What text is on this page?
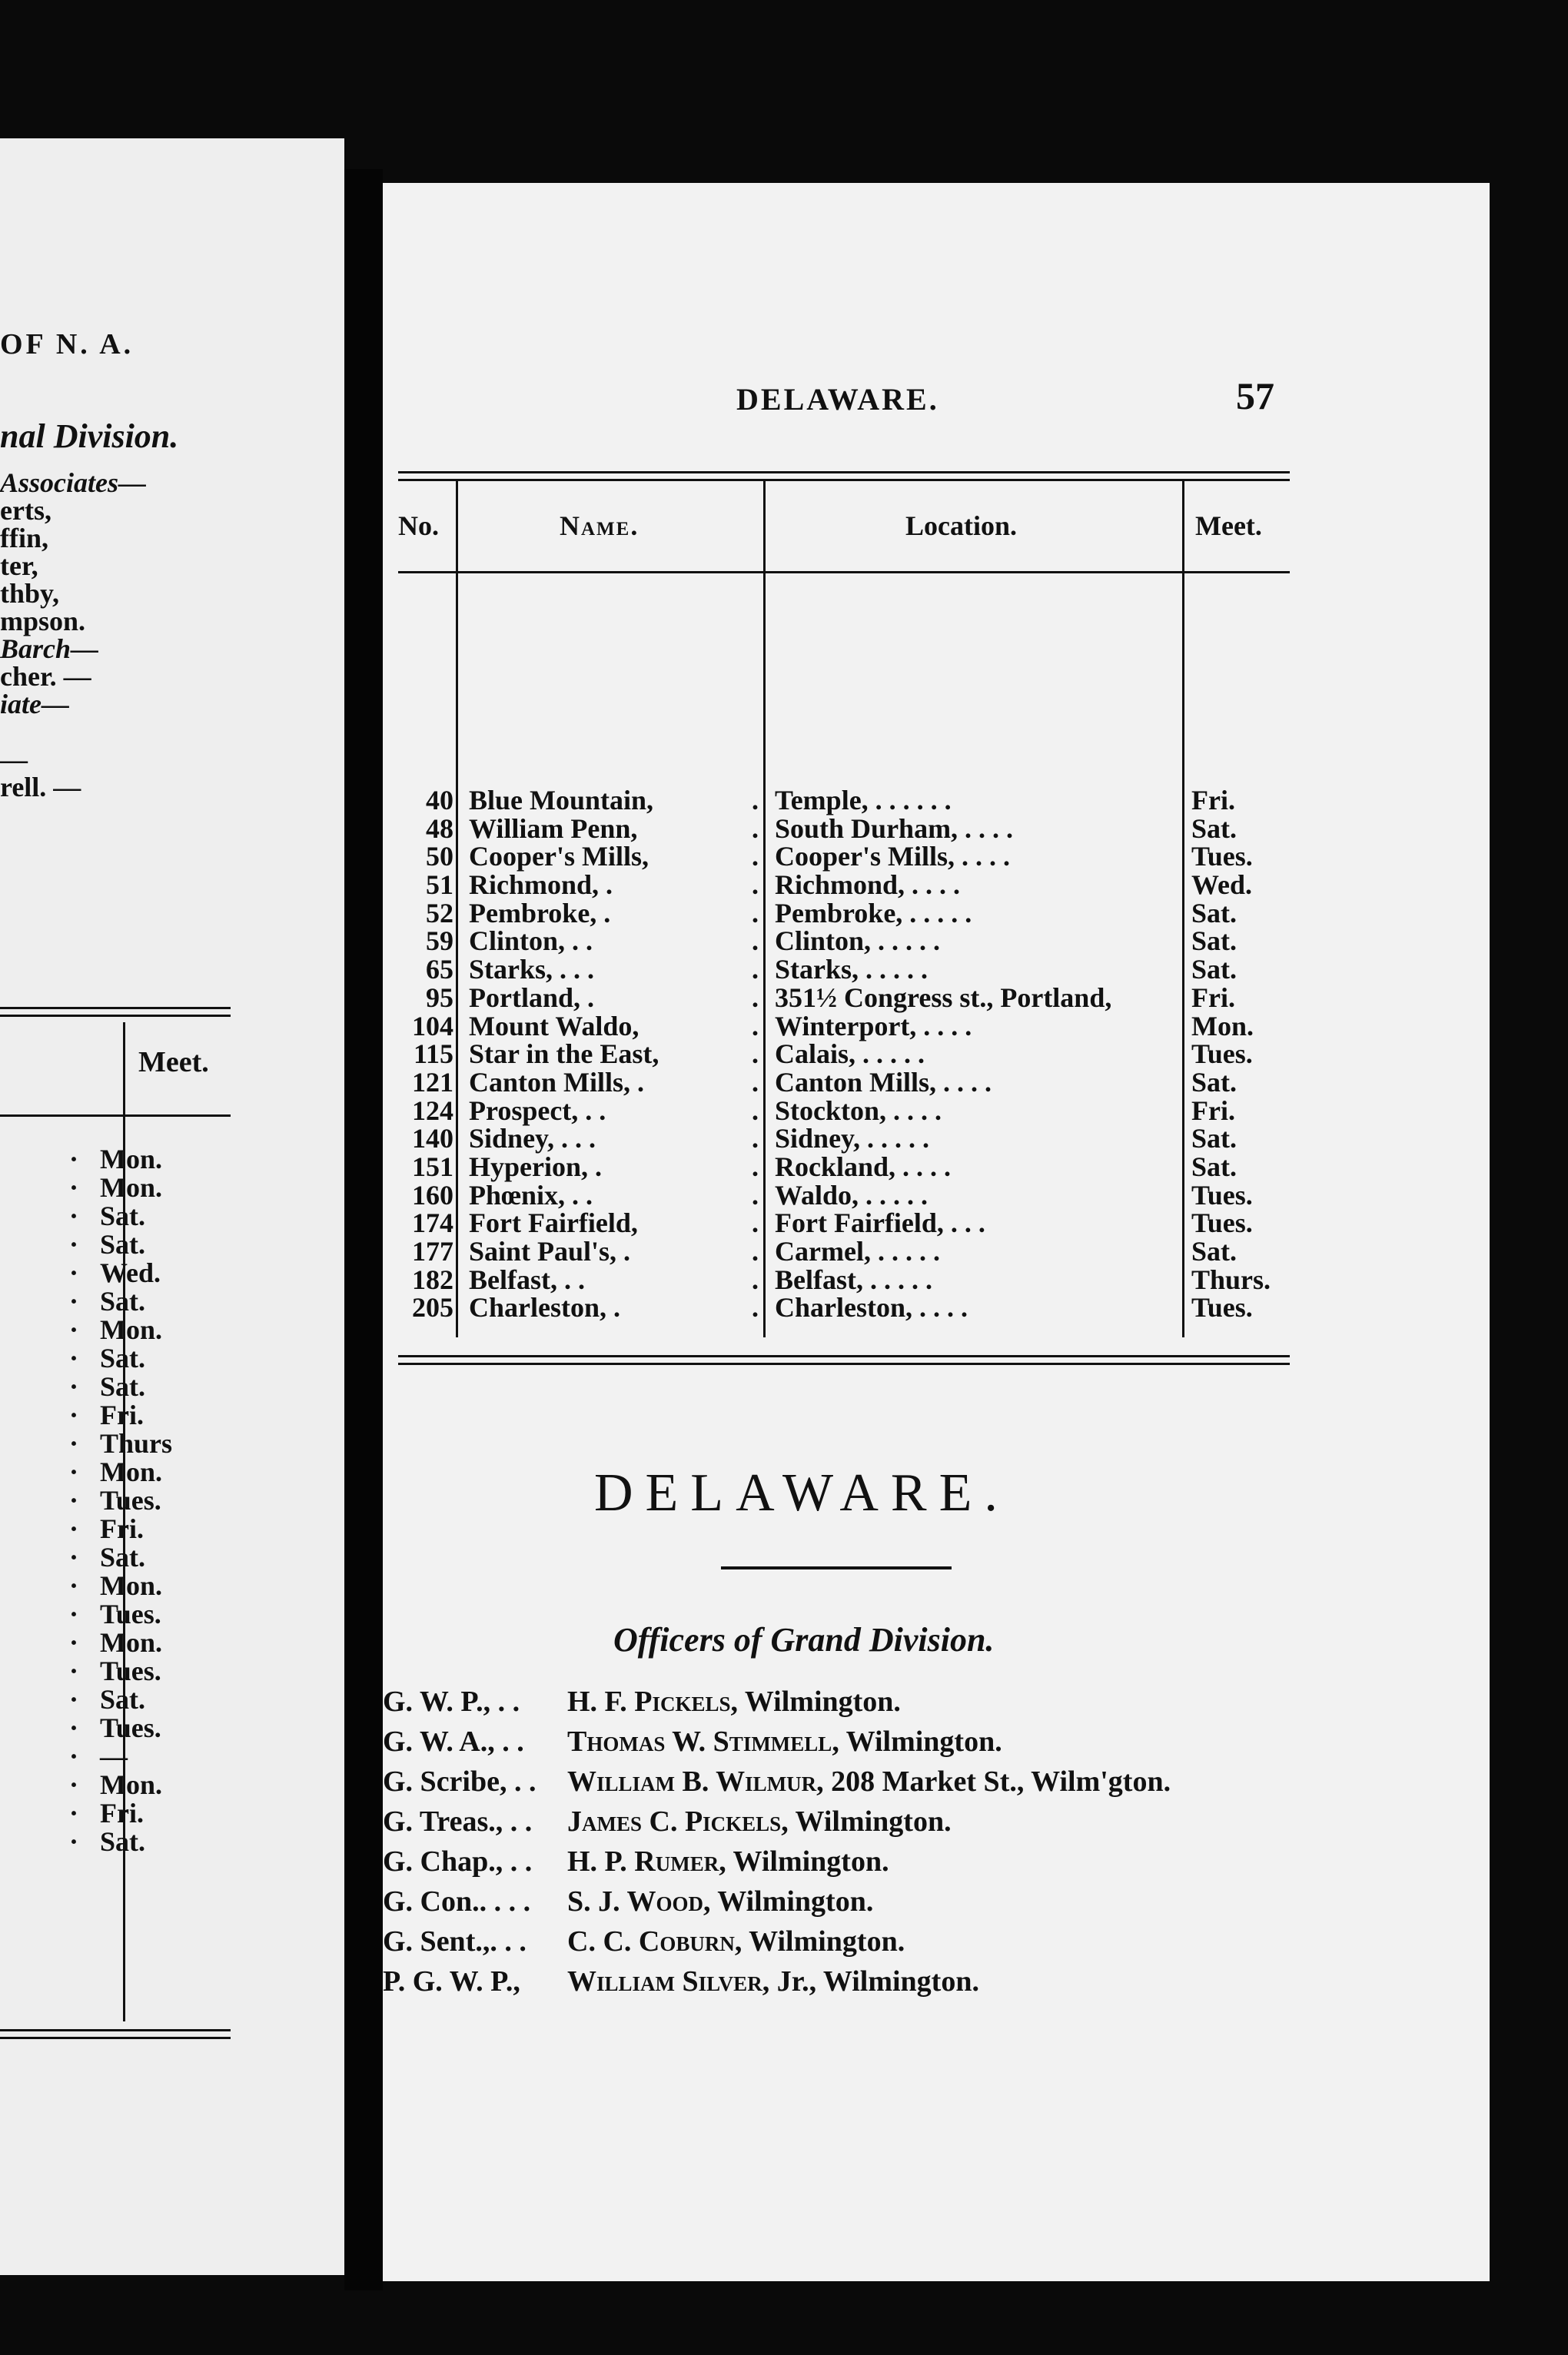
OF N. A.
nal Division.
Associates—
erts,
ffin,
ter,
thby,
mpson.
Barch—
cher. —
iate—
—
rell. —
Meet.
· Mon.
· Mon.
· Sat.
· Sat.
· Wed.
· Sat.
· Mon.
· Sat.
· Sat.
· Fri.
· Thurs
· Mon.
· Tues.
· Fri.
· Sat.
· Mon.
· Tues.
· Mon.
· Tues.
· Sat.
· Tues.
· —
· Mon.
· Fri.
· Sat.
DELAWARE.	57
No.	Name.	Location.	Meet.
40 Blue Mountain,	. Temple, . . . . . .	Fri.
48 William Penn,	. South Durham, . . . .	Sat.
50 Cooper's Mills,	. Cooper's Mills, . . . .	Tues.
51 Richmond, .	. Richmond, . . . .	Wed.
52 Pembroke, .	. Pembroke, . . . . .	Sat.
59 Clinton, . .	. Clinton, . . . . .	Sat.
65 Starks, . . .	. Starks, . . . . .	Sat.
95 Portland, .	. 351½ Congress st., Portland,	Fri.
104 Mount Waldo,	. Winterport, . . . .	Mon.
115 Star in the East,	. Calais, . . . . .	Tues.
121 Canton Mills, .	. Canton Mills, . . . .	Sat.
124 Prospect, . .	. Stockton, . . . .	Fri.
140 Sidney, . . .	. Sidney, . . . . .	Sat.
151 Hyperion, .	. Rockland, . . . .	Sat.
160 Phœnix, . .	. Waldo, . . . . .	Tues.
174 Fort Fairfield,	. Fort Fairfield, . . .	Tues.
177 Saint Paul's, .	. Carmel, . . . . .	Sat.
182 Belfast, . .	. Belfast, . . . . .	Thurs.
205 Charleston, .	. Charleston, . . . .	Tues.
DELAWARE.
Officers of Grand Division.
G. W. P., . . H. F. Pickels, Wilmington.
G. W. A., . . Thomas W. Stimmell, Wilmington.
G. Scribe, . . William B. Wilmur, 208 Market St., Wilm'gton.
G. Treas., . . James C. Pickels, Wilmington.
G. Chap., . . H. P. Rumer, Wilmington.
G. Con.. . . . S. J. Wood, Wilmington.
G. Sent.,. . . C. C. Coburn, Wilmington.
P. G. W. P., William Silver, Jr., Wilmington.
